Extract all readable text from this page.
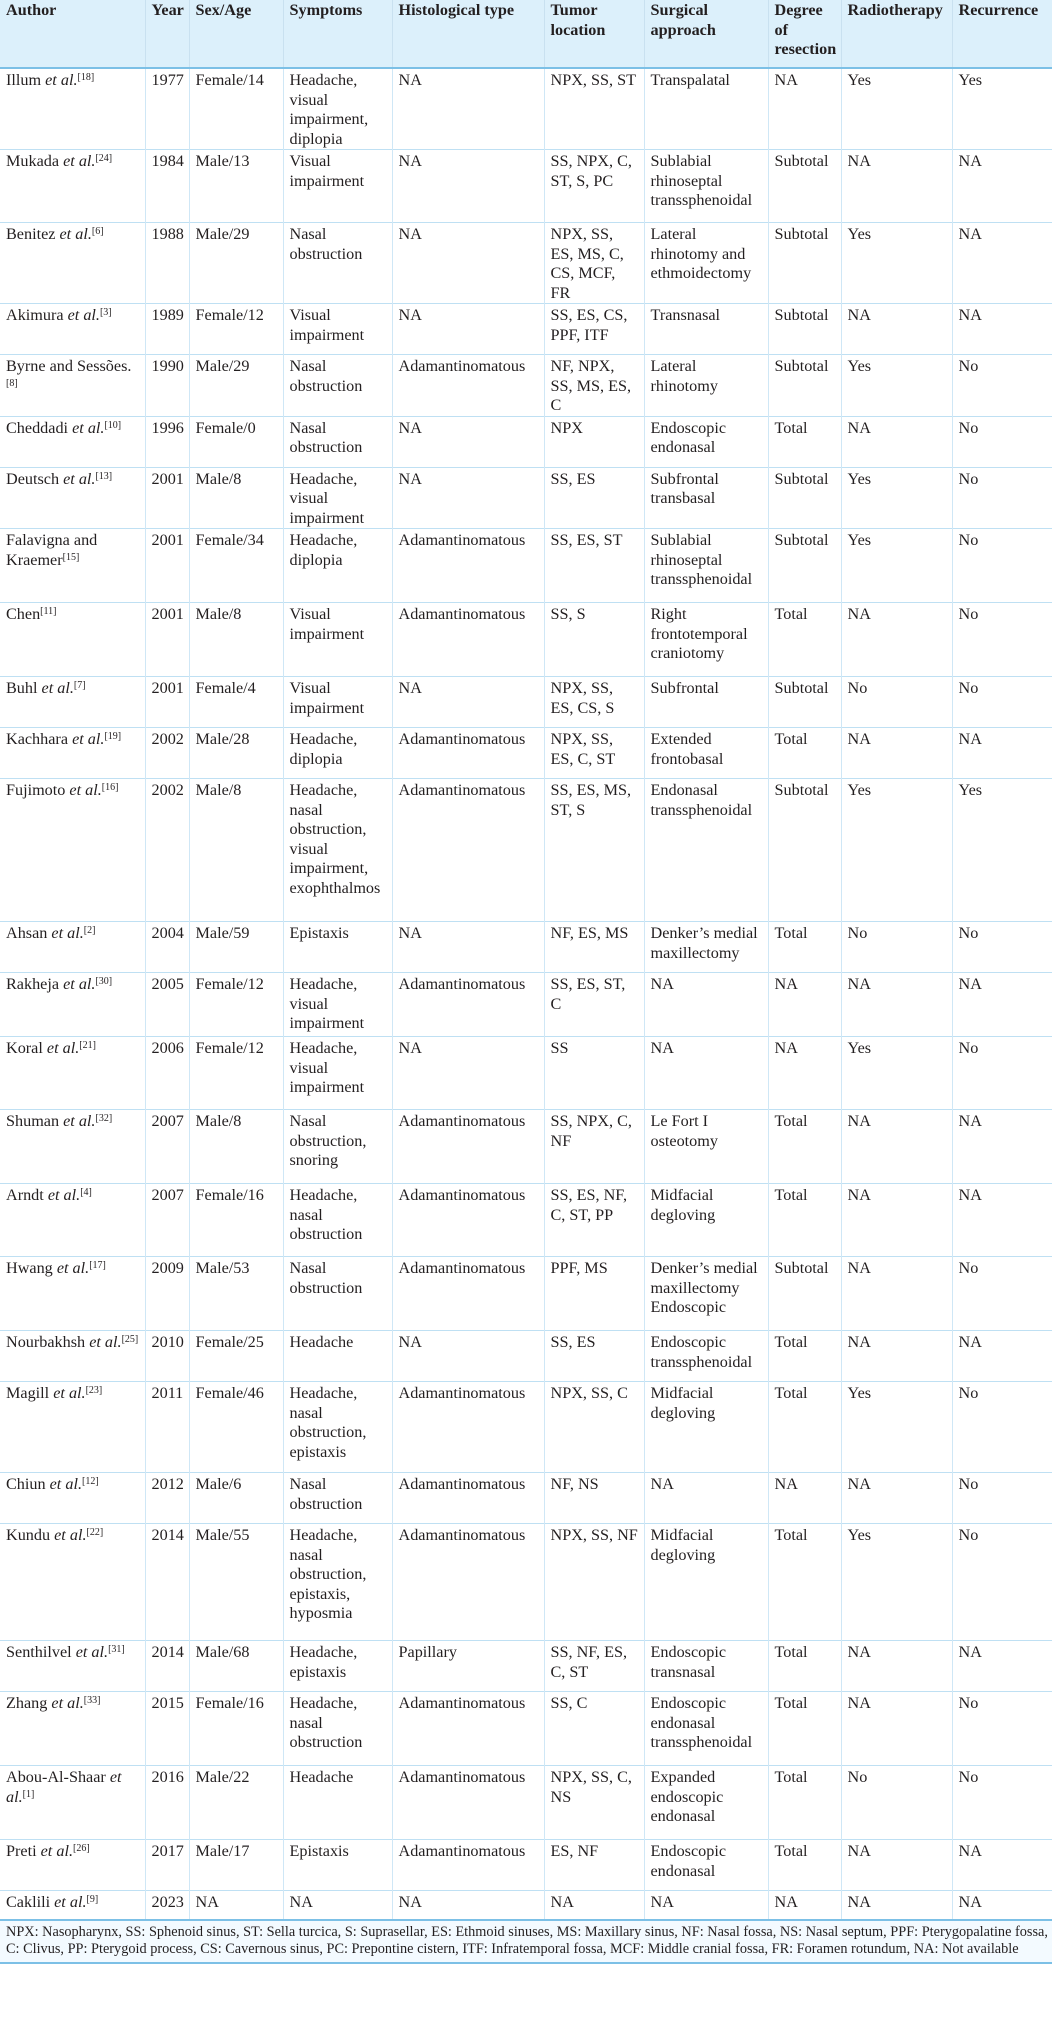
Author	Year	Sex/Age	Symptoms	Histological type	Tumor location	Surgical approach	Degree of resection	Radiotherapy	Recurrence
Illum et al.[18]	1977	Female/14	Headache, visual impairment, diplopia	NA	NPX, SS, ST	Transpalatal	NA	Yes	Yes
Mukada et al.[24]	1984	Male/13	Visual impairment	NA	SS, NPX, C, ST, S, PC	Sublabial rhinoseptal transsphenoidal	Subtotal	NA	NA
Benitez et al.[6]	1988	Male/29	Nasal obstruction	NA	NPX, SS, ES, MS, C, CS, MCF, FR	Lateral rhinotomy and ethmoidectomy	Subtotal	Yes	NA
Akimura et al.[3]	1989	Female/12	Visual impairment	NA	SS, ES, CS, PPF, ITF	Transnasal	Subtotal	NA	NA
Byrne and Sessões.[8]	1990	Male/29	Nasal obstruction	Adamantinomatous	NF, NPX, SS, MS, ES, C	Lateral rhinotomy	Subtotal	Yes	No
Cheddadi et al.[10]	1996	Female/0	Nasal obstruction	NA	NPX	Endoscopic endonasal	Total	NA	No
Deutsch et al.[13]	2001	Male/8	Headache, visual impairment	NA	SS, ES	Subfrontal transbasal	Subtotal	Yes	No
Falavigna and Kraemer[15]	2001	Female/34	Headache, diplopia	Adamantinomatous	SS, ES, ST	Sublabial rhinoseptal transsphenoidal	Subtotal	Yes	No
Chen[11]	2001	Male/8	Visual impairment	Adamantinomatous	SS, S	Right frontotemporal craniotomy	Total	NA	No
Buhl et al.[7]	2001	Female/4	Visual impairment	NA	NPX, SS, ES, CS, S	Subfrontal	Subtotal	No	No
Kachhara et al.[19]	2002	Male/28	Headache, diplopia	Adamantinomatous	NPX, SS, ES, C, ST	Extended frontobasal	Total	NA	NA
Fujimoto et al.[16]	2002	Male/8	Headache, nasal obstruction, visual impairment, exophthalmos	Adamantinomatous	SS, ES, MS, ST, S	Endonasal transsphenoidal	Subtotal	Yes	Yes
Ahsan et al.[2]	2004	Male/59	Epistaxis	NA	NF, ES, MS	Denker’s medial maxillectomy	Total	No	No
Rakheja et al.[30]	2005	Female/12	Headache, visual impairment	Adamantinomatous	SS, ES, ST, C	NA	NA	NA	NA
Koral et al.[21]	2006	Female/12	Headache, visual impairment	NA	SS	NA	NA	Yes	No
Shuman et al.[32]	2007	Male/8	Nasal obstruction, snoring	Adamantinomatous	SS, NPX, C, NF	Le Fort I osteotomy	Total	NA	NA
Arndt et al.[4]	2007	Female/16	Headache, nasal obstruction	Adamantinomatous	SS, ES, NF, C, ST, PP	Midfacial degloving	Total	NA	NA
Hwang et al.[17]	2009	Male/53	Nasal obstruction	Adamantinomatous	PPF, MS	Denker’s medial maxillectomy Endoscopic	Subtotal	NA	No
Nourbakhsh et al.[25]	2010	Female/25	Headache	NA	SS, ES	Endoscopic transsphenoidal	Total	NA	NA
Magill et al.[23]	2011	Female/46	Headache, nasal obstruction, epistaxis	Adamantinomatous	NPX, SS, C	Midfacial degloving	Total	Yes	No
Chiun et al.[12]	2012	Male/6	Nasal obstruction	Adamantinomatous	NF, NS	NA	NA	NA	No
Kundu et al.[22]	2014	Male/55	Headache, nasal obstruction, epistaxis, hyposmia	Adamantinomatous	NPX, SS, NF	Midfacial degloving	Total	Yes	No
Senthilvel et al.[31]	2014	Male/68	Headache, epistaxis	Papillary	SS, NF, ES, C, ST	Endoscopic transnasal	Total	NA	NA
Zhang et al.[33]	2015	Female/16	Headache, nasal obstruction	Adamantinomatous	SS, C	Endoscopic endonasal transsphenoidal	Total	NA	No
Abou-Al-Shaar et al.[1]	2016	Male/22	Headache	Adamantinomatous	NPX, SS, C, NS	Expanded endoscopic endonasal	Total	No	No
Preti et al.[26]	2017	Male/17	Epistaxis	Adamantinomatous	ES, NF	Endoscopic endonasal	Total	NA	NA
Caklili et al.[9]	2023	NA	NA	NA	NA	NA	NA	NA	NA
NPX: Nasopharynx, SS: Sphenoid sinus, ST: Sella turcica, S: Suprasellar, ES: Ethmoid sinuses, MS: Maxillary sinus, NF: Nasal fossa, NS: Nasal septum, PPF: Pterygopalatine fossa, C: Clivus, PP: Pterygoid process, CS: Cavernous sinus, PC: Prepontine cistern, ITF: Infratemporal fossa, MCF: Middle cranial fossa, FR: Foramen rotundum, NA: Not available
